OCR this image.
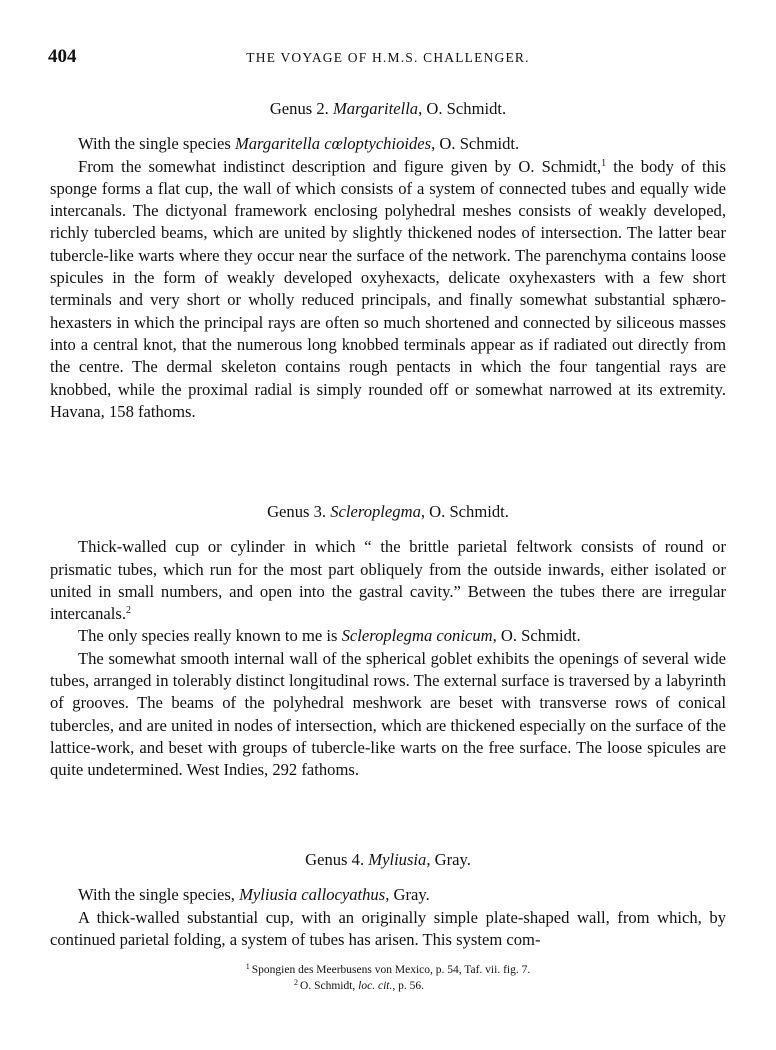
404	THE VOYAGE OF H.M.S. CHALLENGER.

Genus 2. Margaritella, O. Schmidt.

With the single species Margaritella cœloptychioides, O. Schmidt.

From the somewhat indistinct description and figure given by O. Schmidt,$^1$ the body of this sponge forms a flat cup, the wall of which consists of a system of connected tubes and equally wide intercanals. The dictyonal framework enclosing polyhedral meshes consists of weakly developed, richly tubercled beams, which are united by slightly thickened nodes of intersection. The latter bear tubercle-like warts where they occur near the surface of the network. The parenchyma contains loose spicules in the form of weakly developed oxyhexacts, delicate oxyhexasters with a few short terminals and very short or wholly reduced principals, and finally somewhat substantial sphærohexasters in which the principal rays are often so much shortened and connected by siliceous masses into a central knot, that the numerous long knobbed terminals appear as if radiated out directly from the centre. The dermal skeleton contains rough pentacts in which the four tangential rays are knobbed, while the proximal radial is simply rounded off or somewhat narrowed at its extremity. Havana, 158 fathoms.

Genus 3. Scleroplegma, O. Schmidt.

Thick-walled cup or cylinder in which “ the brittle parietal feltwork consists of round or prismatic tubes, which run for the most part obliquely from the outside inwards, either isolated or united in small numbers, and open into the gastral cavity.” Between the tubes there are irregular intercanals.$^2$

The only species really known to me is Scleroplegma conicum, O. Schmidt.

The somewhat smooth internal wall of the spherical goblet exhibits the openings of several wide tubes, arranged in tolerably distinct longitudinal rows. The external surface is traversed by a labyrinth of grooves. The beams of the polyhedral meshwork are beset with transverse rows of conical tubercles, and are united in nodes of intersection, which are thickened especially on the surface of the lattice-work, and beset with groups of tubercle-like warts on the free surface. The loose spicules are quite undetermined. West Indies, 292 fathoms.

Genus 4. Myliusia, Gray.

With the single species, Myliusia callocyathus, Gray.

A thick-walled substantial cup, with an originally simple plate-shaped wall, from which, by continued parietal folding, a system of tubes has arisen. This system com-

$^1$ Spongien des Meerbusens von Mexico, p. 54, Taf. vii. fig. 7.
$^2$ O. Schmidt, loc. cit., p. 56.
